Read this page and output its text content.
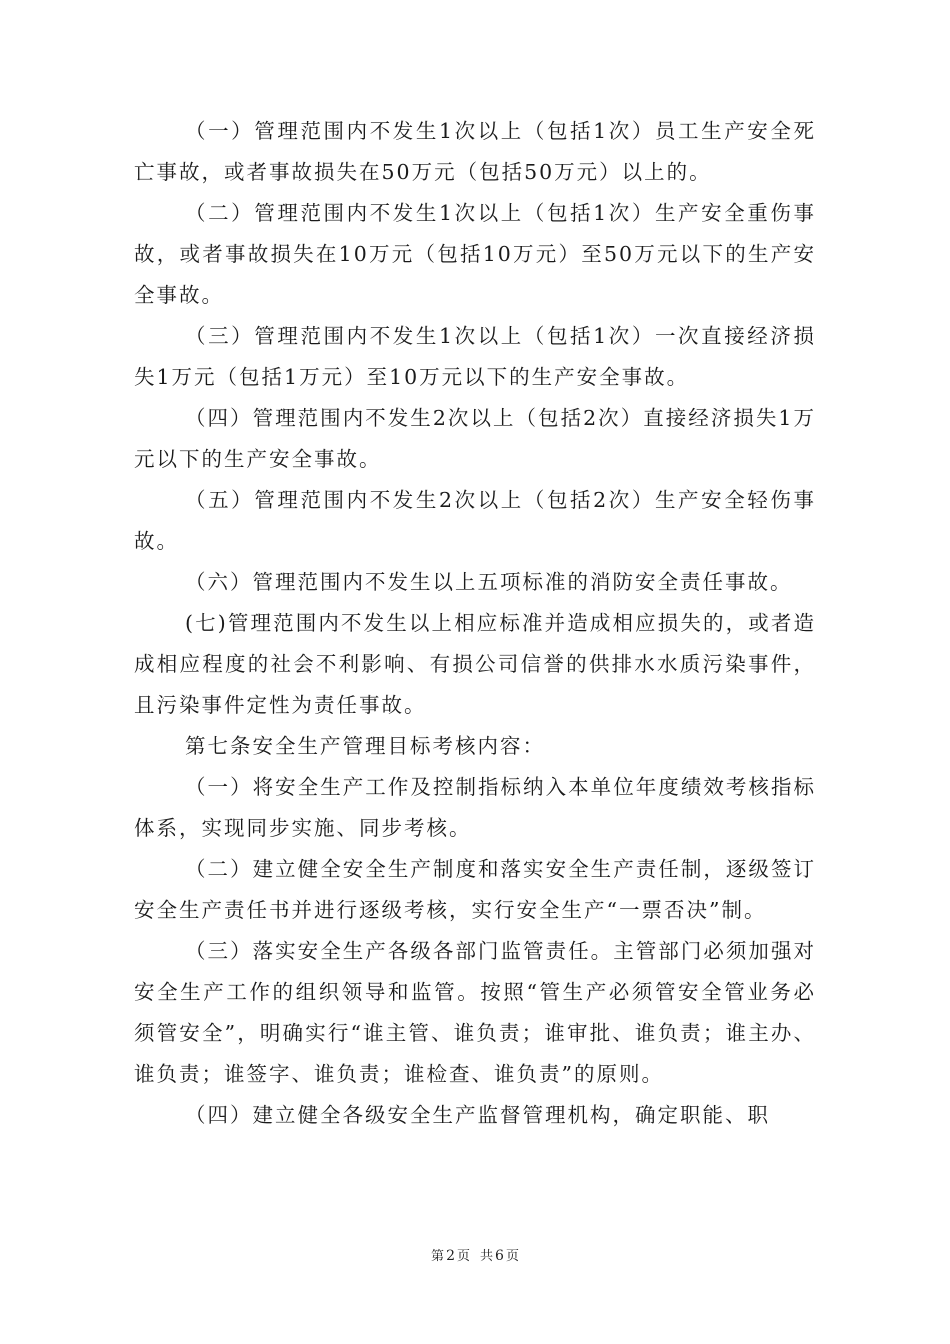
（一）管理范围内不发生1次以上（包括1次）员工生产安全死亡事故，或者事故损失在50万元（包括50万元）以上的。

（二）管理范围内不发生1次以上（包括1次）生产安全重伤事故，或者事故损失在10万元（包括10万元）至50万元以下的生产安全事故。

（三）管理范围内不发生1次以上（包括1次）一次直接经济损失1万元（包括1万元）至10万元以下的生产安全事故。

（四）管理范围内不发生2次以上（包括2次）直接经济损失1万元以下的生产安全事故。

（五）管理范围内不发生2次以上（包括2次）生产安全轻伤事故。

（六）管理范围内不发生以上五项标准的消防安全责任事故。

(七)管理范围内不发生以上相应标准并造成相应损失的，或者造成相应程度的社会不利影响、有损公司信誉的供排水水质污染事件，且污染事件定性为责任事故。

第七条安全生产管理目标考核内容：

（一）将安全生产工作及控制指标纳入本单位年度绩效考核指标体系，实现同步实施、同步考核。

（二）建立健全安全生产制度和落实安全生产责任制，逐级签订安全生产责任书并进行逐级考核，实行安全生产“一票否决”制。

（三）落实安全生产各级各部门监管责任。主管部门必须加强对安全生产工作的组织领导和监管。按照“管生产必须管安全管业务必须管安全”，明确实行“谁主管、谁负责；谁审批、谁负责；谁主办、谁负责；谁签字、谁负责；谁检查、谁负责”的原则。

（四）建立健全各级安全生产监督管理机构，确定职能、职

第 2 页 共 6 页
